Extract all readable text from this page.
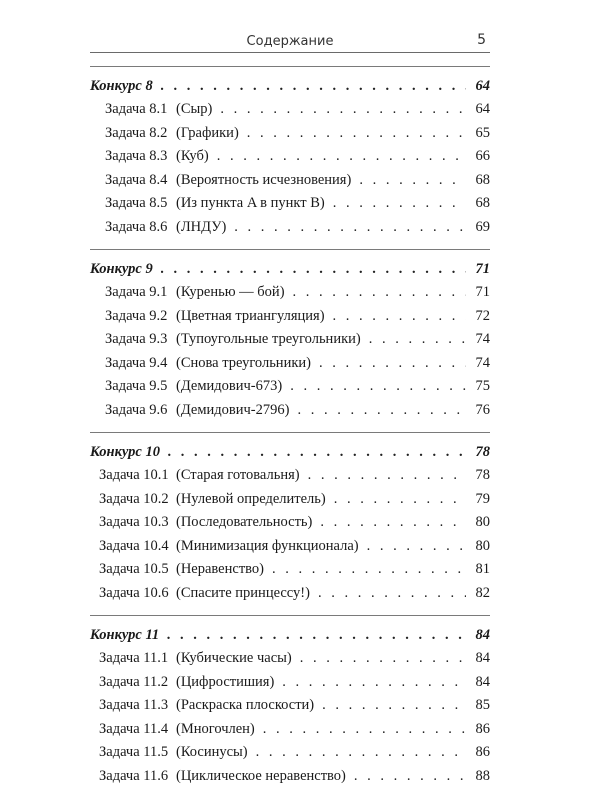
Содержание	5
Конкурс 8 . . .	64
Задача 8.1 (Сыр) . . .	64
Задача 8.2 (Графики) . . .	65
Задача 8.3 (Куб) . . .	66
Задача 8.4 (Вероятность исчезновения) . . .	68
Задача 8.5 (Из пункта A в пункт B) . . .	68
Задача 8.6 (ЛНДУ) . . .	69
Конкурс 9 . . .	71
Задача 9.1 (Куренью — бой) . . .	71
Задача 9.2 (Цветная триангуляция) . . .	72
Задача 9.3 (Тупоугольные треугольники) . . .	74
Задача 9.4 (Снова треугольники) . . .	74
Задача 9.5 (Демидович-673) . . .	75
Задача 9.6 (Демидович-2796) . . .	76
Конкурс 10 . . .	78
Задача 10.1 (Старая готовальня) . . .	78
Задача 10.2 (Нулевой определитель) . . .	79
Задача 10.3 (Последовательность) . . .	80
Задача 10.4 (Минимизация функционала) . . .	80
Задача 10.5 (Неравенство) . . .	81
Задача 10.6 (Спасите принцессу!) . . .	82
Конкурс 11 . . .	84
Задача 11.1 (Кубические часы) . . .	84
Задача 11.2 (Цифростишия) . . .	84
Задача 11.3 (Раскраска плоскости) . . .	85
Задача 11.4 (Многочлен) . . .	86
Задача 11.5 (Косинусы) . . .	86
Задача 11.6 (Циклическое неравенство) . . .	88
